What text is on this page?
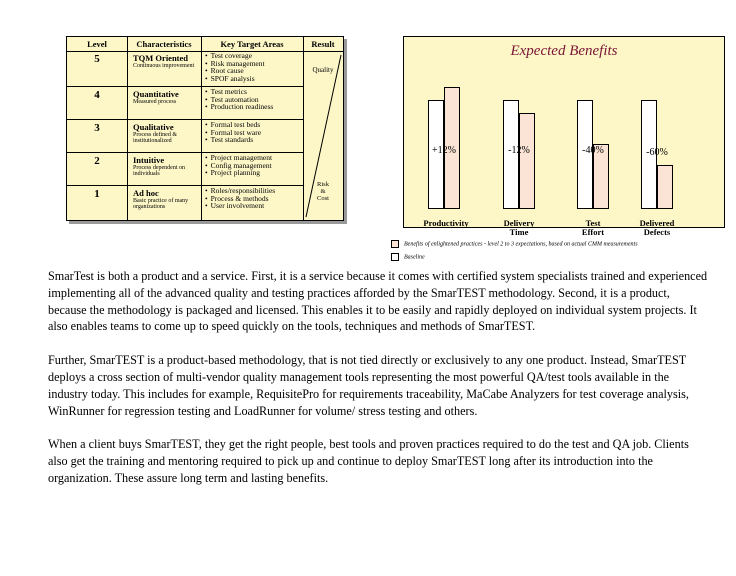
Level	Characteristics	Key Target Areas	Result
5	TQM Oriented
Continuous improvement
• Test coverage
• Risk management
• Root cause
• SPOF analysis
4	Quantitative
Measured process
• Test metrics
• Test automation
• Production readiness
3	Qualitative
Process defined & institutionalized
• Formal test beds
• Formal test ware
• Test standards
2	Intuitive
Process dependent on individuals
• Project management
• Config management
• Project planning
1	Ad hoc
Basic practice of many organizations
• Roles/responsibilities
• Process & methods
• User involvement
Quality
Risk
&
Cost
Expected Benefits
+12%
Productivity
-12%
Delivery
Time
-40%
Test
Effort
-60%
Delivered
Defects

SmarTest is both a product and a service. First, it is a service because it comes with certified system specialists trained and experienced implementing all of the advanced quality and testing practices afforded by the SmarTEST methodology. Second, it is a product, because the methodology is packaged and licensed. This enables it to be easily and rapidly deployed on individual system projects. It also enables teams to come up to speed quickly on the tools, techniques and methods of SmarTEST.

Further, SmarTEST is a product-based methodology, that is not tied directly or exclusively to any one product. Instead, SmarTEST deploys a cross section of multi-vendor quality management tools representing the most powerful QA/test tools available in the industry today. This includes for example, RequisitePro for requirements traceability, MaCabe Analyzers for test coverage analysis, WinRunner for regression testing and LoadRunner for volume/ stress testing and others.

When a client buys SmarTEST, they get the right people, best tools and proven practices required to do the test and QA job. Clients also get the training and mentoring required to pick up and continue to deploy SmarTEST long after its introduction into the organization. These assure long term and lasting benefits.

Benefits of enlightened practices - level 2 to 3 expectations, based on actual CMM measurements
Baseline
